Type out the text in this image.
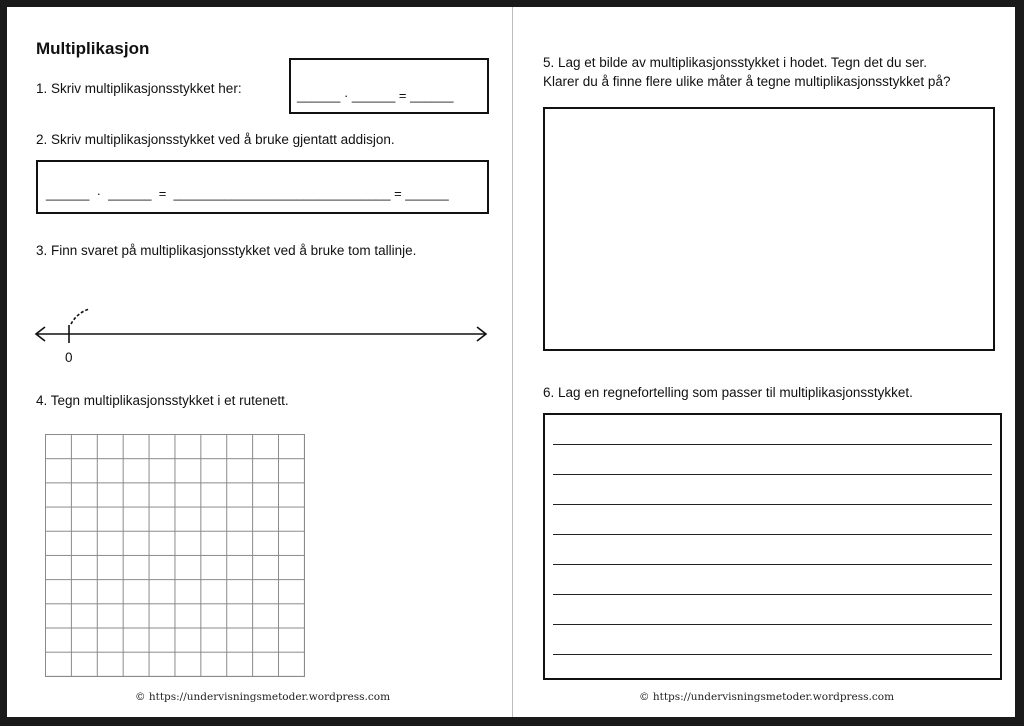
Multiplikasjon
1. Skriv multiplikasjonsstykket her:	______ · ______ = ______
2. Skriv multiplikasjonsstykket ved å bruke gjentatt addisjon.
______  ·  ______  =  ______________________________ = ______
3. Finn svaret på multiplikasjonsstykket ved å bruke tom tallinje.
0
4. Tegn multiplikasjonsstykket i et rutenett.
© https://undervisningsmetoder.wordpress.com
5. Lag et bilde av multiplikasjonsstykket i hodet. Tegn det du ser.
Klarer du å finne flere ulike måter å tegne multiplikasjonsstykket på?
6. Lag en regnefortelling som passer til multiplikasjonsstykket.
© https://undervisningsmetoder.wordpress.com
